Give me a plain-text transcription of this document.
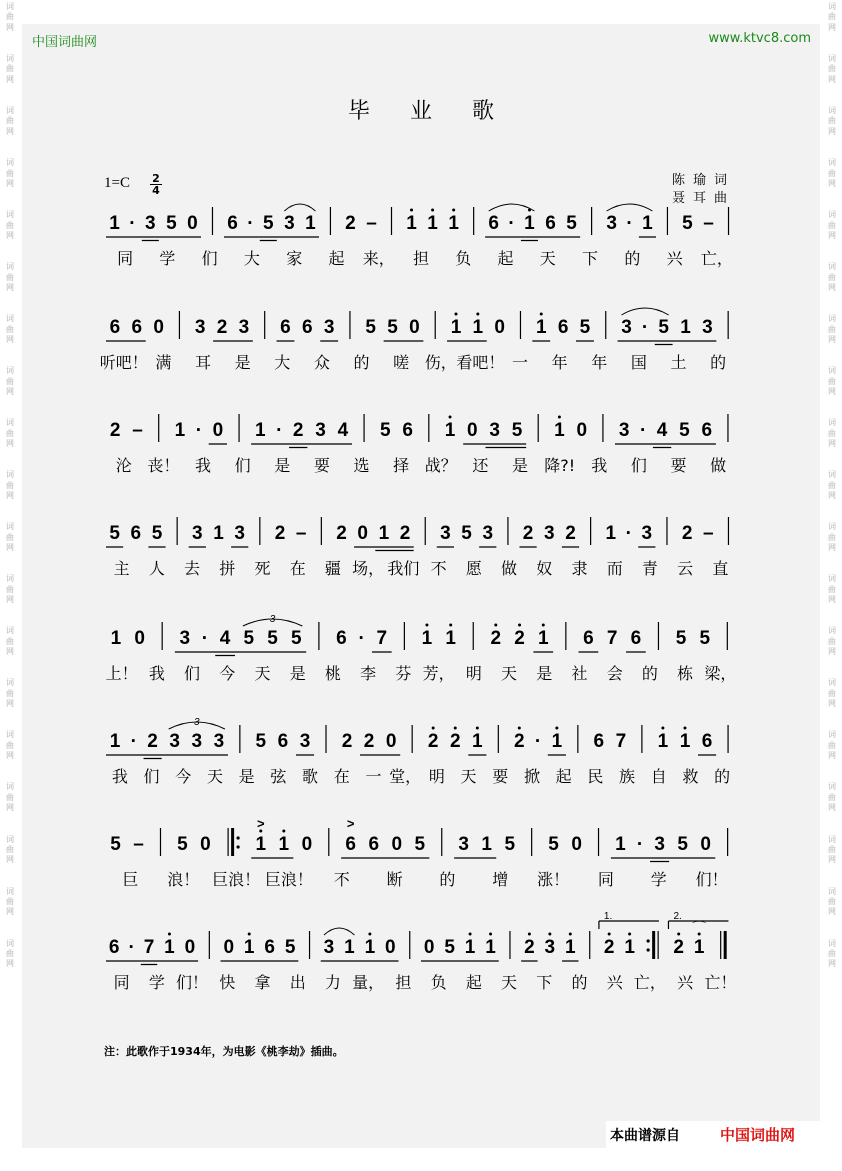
词
曲
网

词
曲
网

词
曲
网

词
曲
网

词
曲
网

词
曲
网

词
曲
网

词
曲
网

词
曲
网

词
曲
网

词
曲
网

词
曲
网

词
曲
网

词
曲
网

词
曲
网

词
曲
网

词
曲
网

词
曲
网

词
曲
网

词
曲
网

词
曲
网

词
曲
网

词
曲
网

词
曲
网

词
曲
网

词
曲
网

词
曲
网

词
曲
网

词
曲
网

词
曲
网

词
曲
网

词
曲
网

词
曲
网

词
曲
网

词
曲
网

词
曲
网

词
曲
网

词
曲
网

中国词曲网	www.ktvc8.com
毕业歌
1=C 2
4
陈瑜词
聂耳曲
1 · 3 5 0 6 · 5 3 1 2 – 1 1 1 6 · 1 6 5 3 · 1 5 –
同 学 们 大 家 起 来， 担 负 起 天 下 的 兴 亡，
6 6 0 3 2 3 6 6 3 5 5 0 1 1 0 1 6 5 3 · 5 1 3
听吧！ 满 耳 是 大 众 的 嗟 伤， 看吧！ 一 年 年 国 土 的
2 – 1 · 0 1 · 2 3 4 5 6 1 0 3 5 1 0 3 · 4 5 6
沦 丧！ 我 们 是 要 选 择 战？ 还 是 降?! 我 们 要 做
5 6 5 3 1 3 2 – 2 0 1 2 3 5 3 2 3 2 1 · 3 2 –
主 人 去 拼 死 在 疆 场， 我们 不 愿 做 奴 隶 而 青 云 直
1 0 3 · 4 5 5 5
3
6 · 7 1 1 2 2 1 6 7 6 5 5
上！ 我 们 今 天 是 桃 李 芬 芳， 明 天 是 社 会 的 栋 梁，
1 · 2 3 3 3
3
5 6 3 2 2 0 2 2 1 2 · 1 6 7 1 1 6
我 们 今 天 是 弦 歌 在 一 堂， 明 天 要 掀 起 民 族 自 救 的
5 – 5 0 1
>
1 0 6
>
6 0 5 3 1 5 5 0 1 · 3 5 0
巨 浪！ 巨浪！ 巨浪！ 不 断 的 增 涨！ 同 学 们！
6 · 7 1 0 0 1 6 5 3 1 1 0 0 5 1 1 2 3 1 2
1.
1 2
2.
1
⌒
同 学 们！ 快 拿 出 力 量， 担 负 起 天 下 的 兴 亡， 兴 亡！
注：此歌作于1934年，为电影《桃李劫》插曲。
本曲谱源自	中国词曲网
